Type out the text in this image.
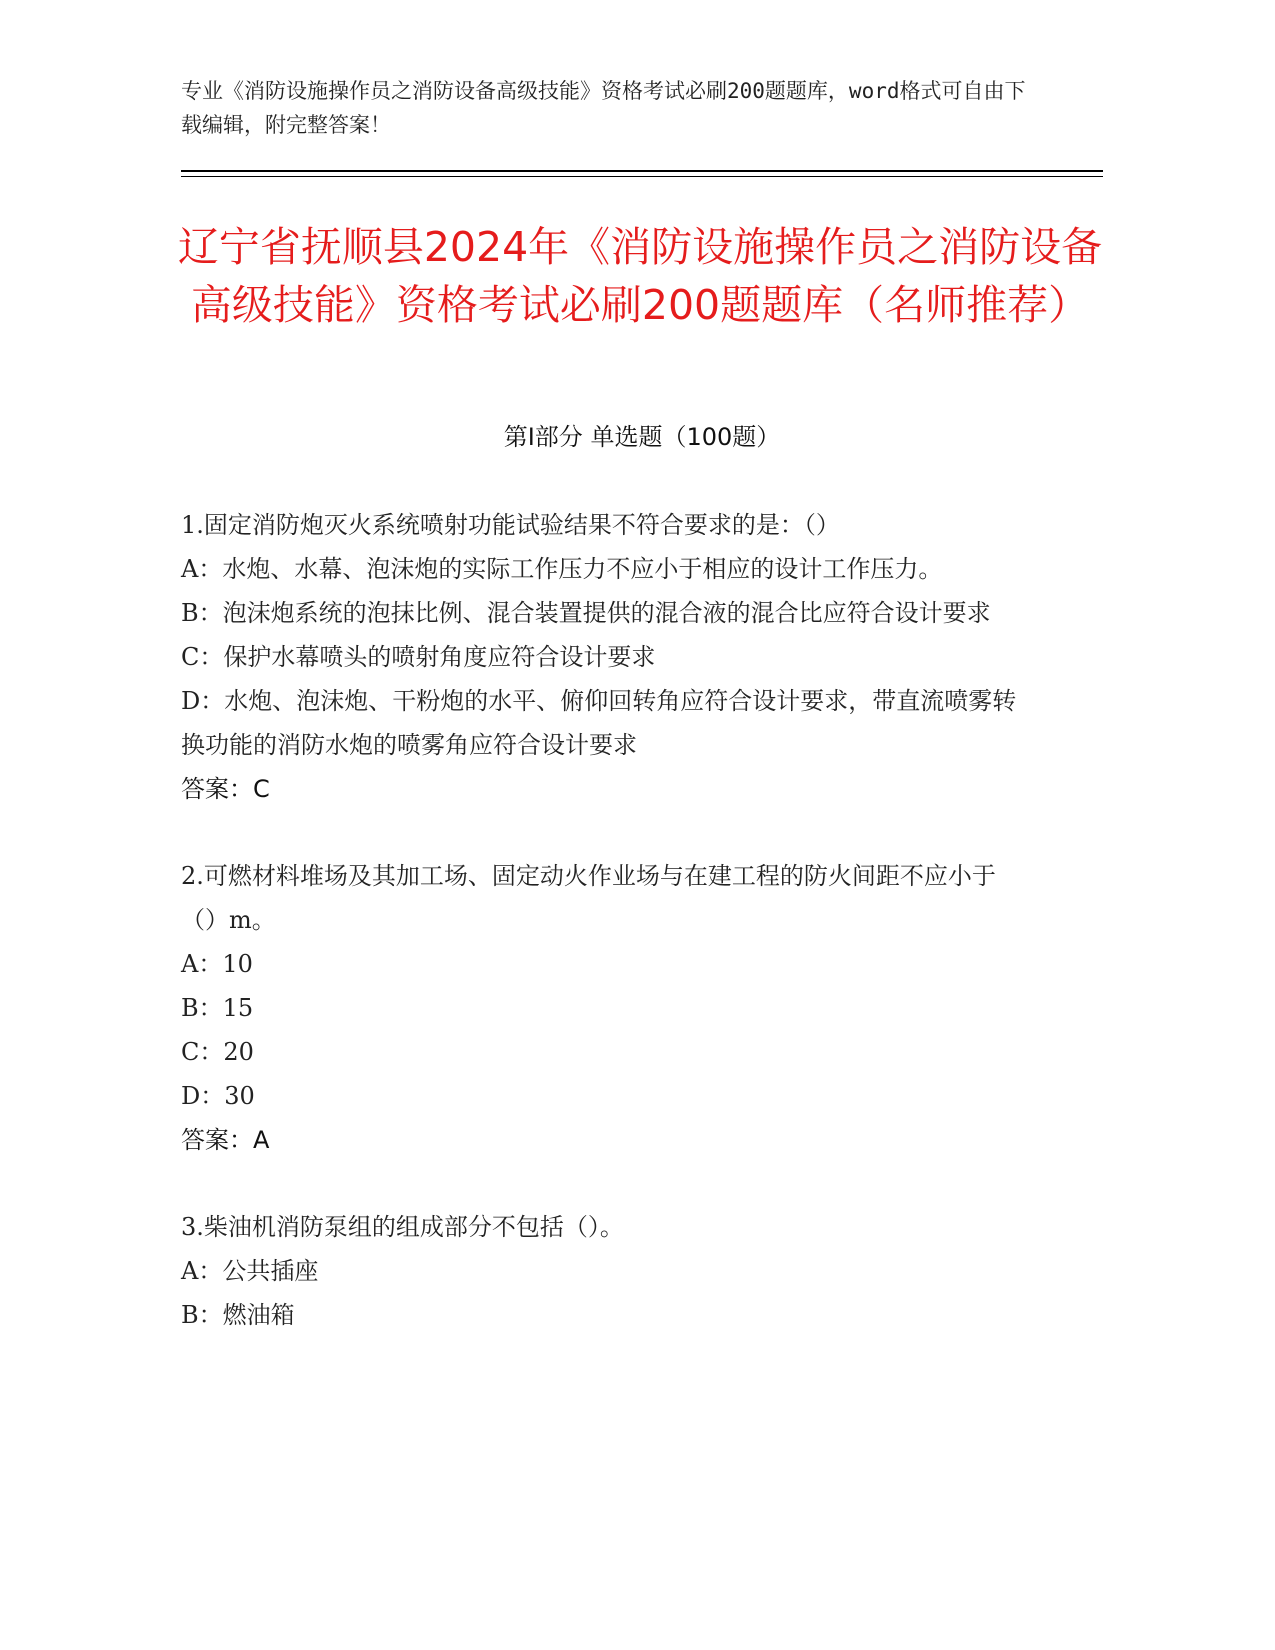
专业《消防设施操作员之消防设备高级技能》资格考试必刷200题题库，word格式可自由下载编辑，附完整答案！
辽宁省抚顺县2024年《消防设施操作员之消防设备高级技能》资格考试必刷200题题库（名师推荐）
第Ⅰ部分 单选题（100题）

1.固定消防炮灭火系统喷射功能试验结果不符合要求的是：（）

A：水炮、水幕、泡沫炮的实际工作压力不应小于相应的设计工作压力。

B：泡沫炮系统的泡抹比例、混合装置提供的混合液的混合比应符合设计要求

C：保护水幕喷头的喷射角度应符合设计要求

D：水炮、泡沫炮、干粉炮的水平、俯仰回转角应符合设计要求，带直流喷雾转换功能的消防水炮的喷雾角应符合设计要求

答案：C

2.可燃材料堆场及其加工场、固定动火作业场与在建工程的防火间距不应小于（）m。

A：10

B：15

C：20

D：30

答案：A

3.柴油机消防泵组的组成部分不包括（）。

A：公共插座

B：燃油箱
